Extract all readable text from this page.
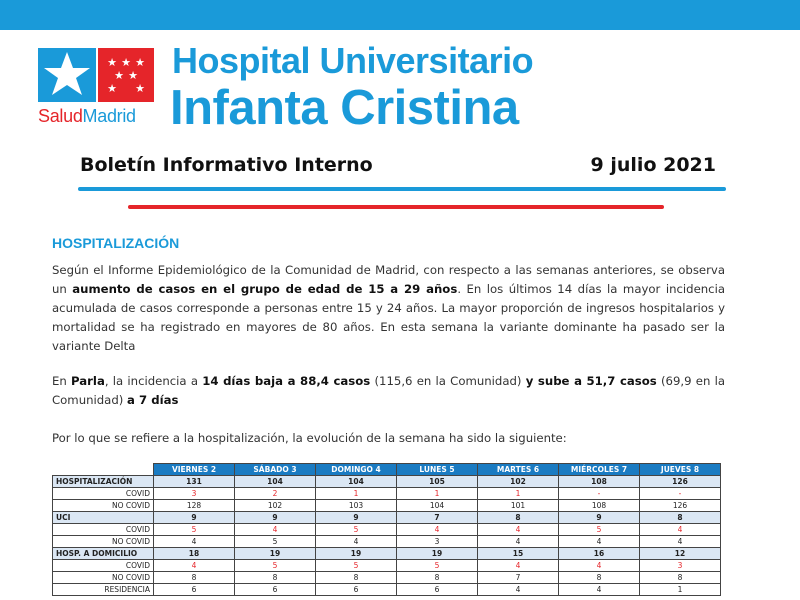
★ ★ ★
★ ★
★ ★
SaludMadrid
Hospital Universitario
Infanta Cristina
Boletín Informativo Interno	9 julio 2021
HOSPITALIZACIÓN
Según el Informe Epidemiológico de la Comunidad de Madrid, con respecto a las semanas anteriores, se observa un aumento de casos en el grupo de edad de 15 a 29 años. En los últimos 14 días la mayor incidencia acumulada de casos corresponde a personas entre 15 y 24 años. La mayor proporción de ingresos hospitalarios y mortalidad se ha registrado en mayores de 80 años. En esta semana la variante dominante ha pasado ser la variante Delta
En Parla, la incidencia a 14 días baja a 88,4 casos (115,6 en la Comunidad) y sube a 51,7 casos (69,9 en la Comunidad) a 7 días
Por lo que se refiere a la hospitalización, la evolución de la semana ha sido la siguiente:
	VIERNES 2	SÁBADO 3	DOMINGO 4	LUNES 5	MARTES 6	MIÉRCOLES 7	JUEVES 8
HOSPITALIZACIÓN	131	104	104	105	102	108	126
COVID	3	2	1	1	1	-	-
NO COVID	128	102	103	104	101	108	126
UCI	9	9	9	7	8	9	8
COVID	5	4	5	4	4	5	4
NO COVID	4	5	4	3	4	4	4
HOSP. A DOMICILIO	18	19	19	19	15	16	12
COVID	4	5	5	5	4	4	3
NO COVID	8	8	8	8	7	8	8
RESIDENCIA	6	6	6	6	4	4	1
